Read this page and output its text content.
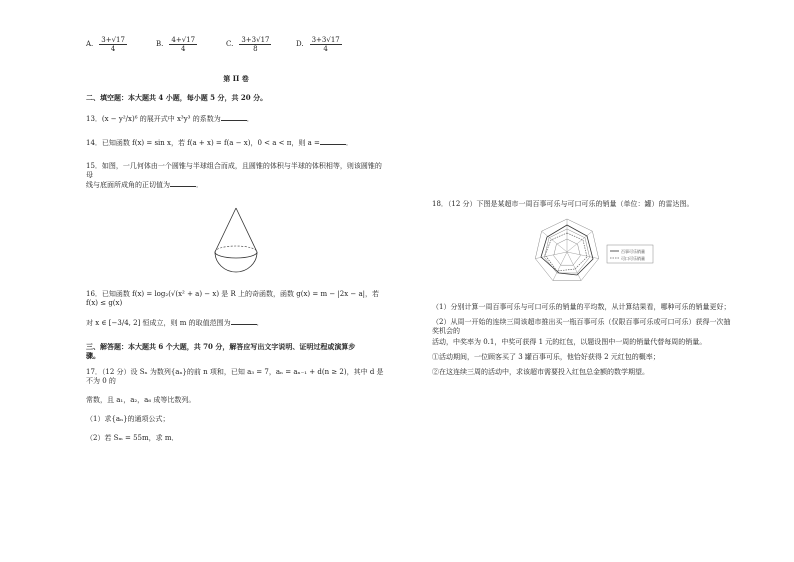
A. $\frac{3+√17}{4}$	B. $\frac{4+√17}{4}$	C. $\frac{3+3√17}{8}$	D. $\frac{3+3√17}{4}$
第 II 卷
二、填空题：本大题共 4 小题，每小题 5 分，共 20 分。
13．(x − y²/x)⁶ 的展开式中 x³y³ 的系数为	．
14．已知函数 f(x) = sin x，若 f(a + x) = f(a − x)，0 < a < π，则 a =	．
15．如图，一几何体由一个圆锥与半球组合而成，且圆锥的体积与半球的体积相等，则该圆锥的母
线与底面所成角的正切值为	．
16．已知函数 f(x) = log₂(√(x² + a) − x) 是 R 上的奇函数，函数 g(x) = m − |2x − a|，若 f(x) ≤ g(x)
对 x ∈ [−3/4, 2] 恒成立，则 m 的取值范围为	．
三、解答题：本大题共 6 个大题，共 70 分，解答应写出文字说明、证明过程或演算步
骤。
17．（12 分）设 Sₙ 为数列{aₙ}的前 n 项和，已知 a₃ = 7，aₙ = aₙ₋₁ + d(n ≥ 2)，其中 d 是不为 0 的
常数，且 a₁，a₂，a₆ 成等比数列。
（1）求{aₙ}的通项公式；
（2）若 Sₘ = 55m，求 m．
18．（12 分）下图是某超市一周百事可乐与可口可乐的销量（单位：罐）的雷达图。
百事可乐销量
可口可乐销量
（1）分别计算一周百事可乐与可口可乐的销量的平均数，从计算结果看，哪种可乐的销量更好；
（2）从周一开始的连续三周该超市推出买一瓶百事可乐（仅限百事可乐或可口可乐）获得一次抽奖机会的
活动，中奖率为 0.1，中奖可获得 1 元的红包，以题设图中一周的销量代替每周的销量。
①活动期间，一位顾客买了 3 罐百事可乐，他恰好获得 2 元红包的概率；
②在这连续三周的活动中，求该超市需要投入红包总金额的数学期望。
